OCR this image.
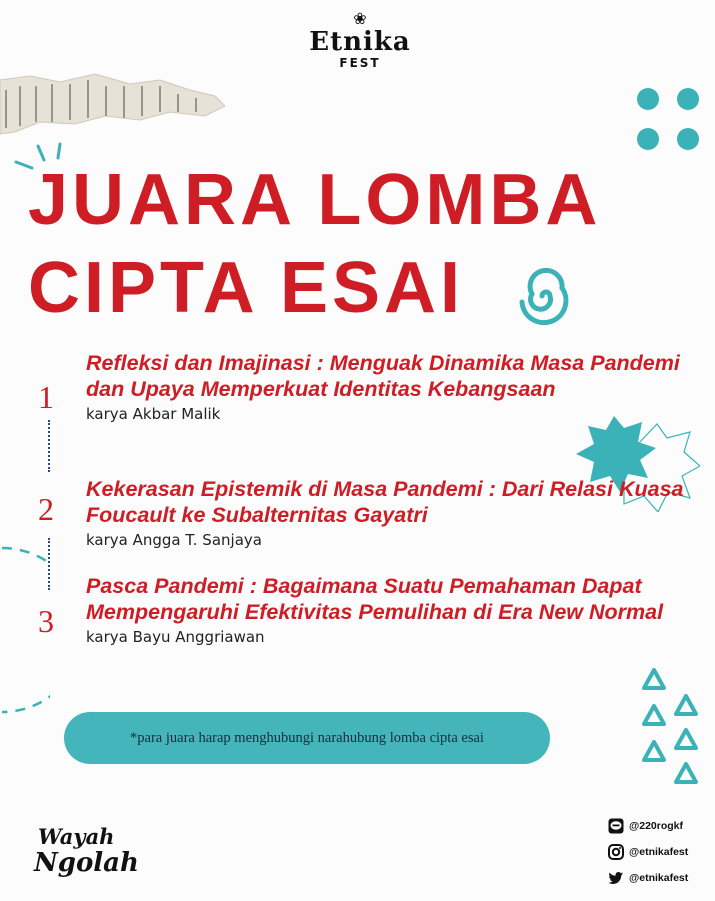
❀
Etnika
FEST
JUARA LOMBA
CIPTA ESAI
1
2
3

Refleksi dan Imajinasi : Menguak Dinamika Masa Pandemi dan Upaya Memperkuat Identitas Kebangsaan

karya Akbar Malik

Kekerasan Epistemik di Masa Pandemi : Dari Relasi Kuasa Foucault ke Subalternitas Gayatri

karya Angga T. Sanjaya

Pasca Pandemi : Bagaimana Suatu Pemahaman Dapat Mempengaruhi Efektivitas Pemulihan di Era New Normal

karya Bayu Anggriawan
*para juara harap menghubungi narahubung lomba cipta esai
Wayah
Ngolah
@220rogkf
@etnikafest
@etnikafest
